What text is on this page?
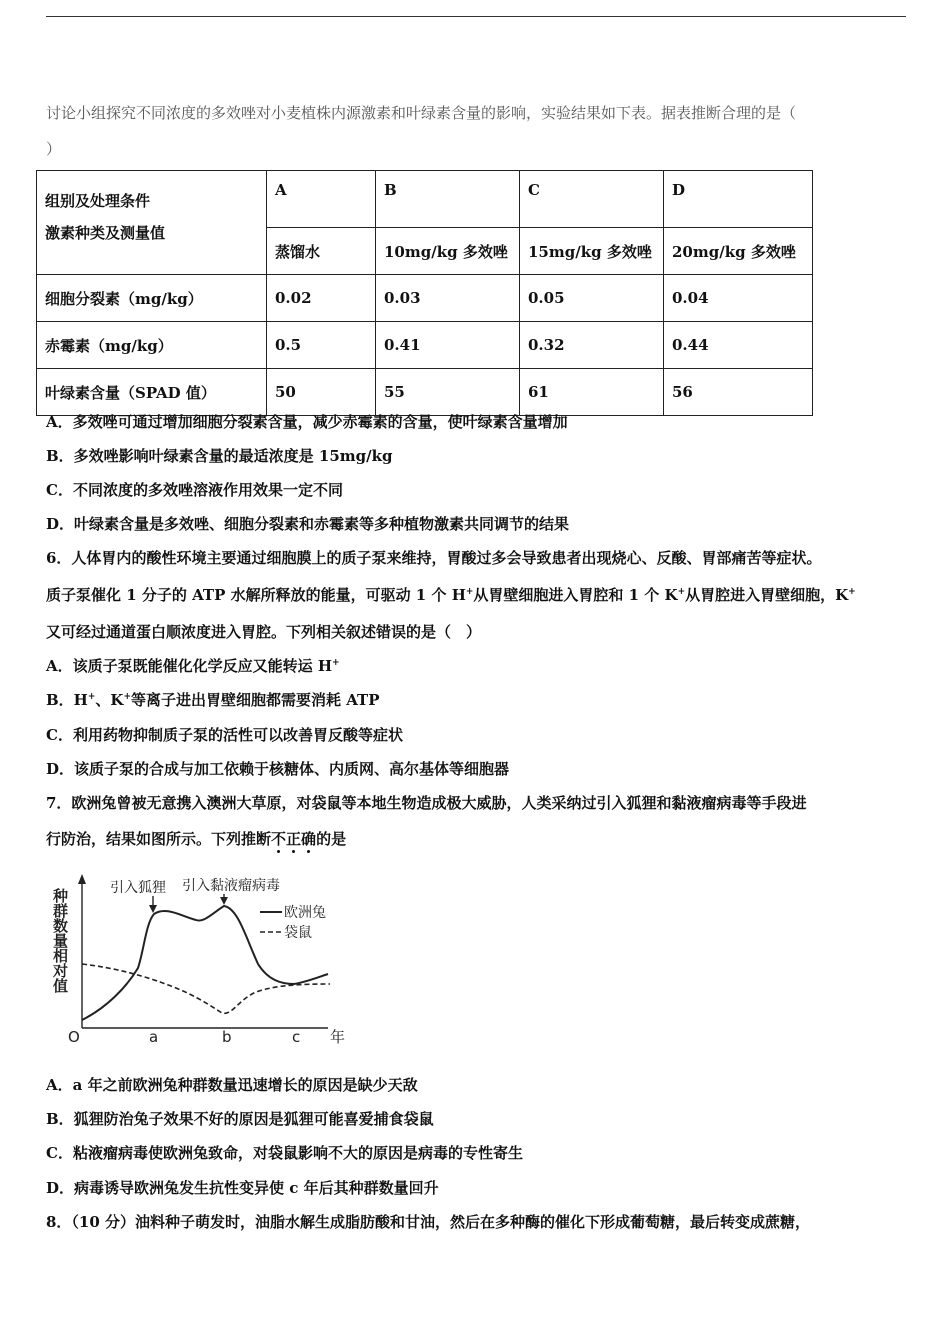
讨论小组探究不同浓度的多效唑对小麦植株内源激素和叶绿素含量的影响，实验结果如下表。据表推断合理的是（
）
组别及处理条件
激素种类及测量值	A	B	C	D
	蒸馏水	10mg/kg 多效唑	15mg/kg 多效唑	20mg/kg 多效唑
细胞分裂素（mg/kg）	0.02	0.03	0.05	0.04
赤霉素（mg/kg）	0.5	0.41	0.32	0.44
叶绿素含量（SPAD 值）	50	55	61	56
A．多效唑可通过增加细胞分裂素含量，减少赤霉素的含量，使叶绿素含量增加
B．多效唑影响叶绿素含量的最适浓度是 15mg/kg
C．不同浓度的多效唑溶液作用效果一定不同
D．叶绿素含量是多效唑、细胞分裂素和赤霉素等多种植物激素共同调节的结果
6．人体胃内的酸性环境主要通过细胞膜上的质子泵来维持，胃酸过多会导致患者出现烧心、反酸、胃部痛苦等症状。
质子泵催化 1 分子的 ATP 水解所释放的能量，可驱动 1 个 H+从胃壁细胞进入胃腔和 1 个 K+从胃腔进入胃壁细胞，K+
又可经过通道蛋白顺浓度进入胃腔。下列相关叙述错误的是（　）
A．该质子泵既能催化化学反应又能转运 H+
B．H+、K+等离子进出胃壁细胞都需要消耗 ATP
C．利用药物抑制质子泵的活性可以改善胃反酸等症状
D．该质子泵的合成与加工依赖于核糖体、内质网、高尔基体等细胞器
7．欧洲兔曾被无意携入澳洲大草原，对袋鼠等本地生物造成极大威胁，人类采纳过引入狐狸和黏液瘤病毒等手段进
行防治，结果如图所示。下列推断不正确的是
种群数量相对值
O	a	b	c 年
引入狐狸 引入黏液瘤病毒
欧洲兔
袋鼠
A．a 年之前欧洲兔种群数量迅速增长的原因是缺少天敌
B．狐狸防治兔子效果不好的原因是狐狸可能喜爱捕食袋鼠
C．粘液瘤病毒使欧洲兔致命，对袋鼠影响不大的原因是病毒的专性寄生
D．病毒诱导欧洲兔发生抗性变异使 c 年后其种群数量回升
8．（10 分）油料种子萌发时，油脂水解生成脂肪酸和甘油，然后在多种酶的催化下形成葡萄糖，最后转变成蔗糖，
